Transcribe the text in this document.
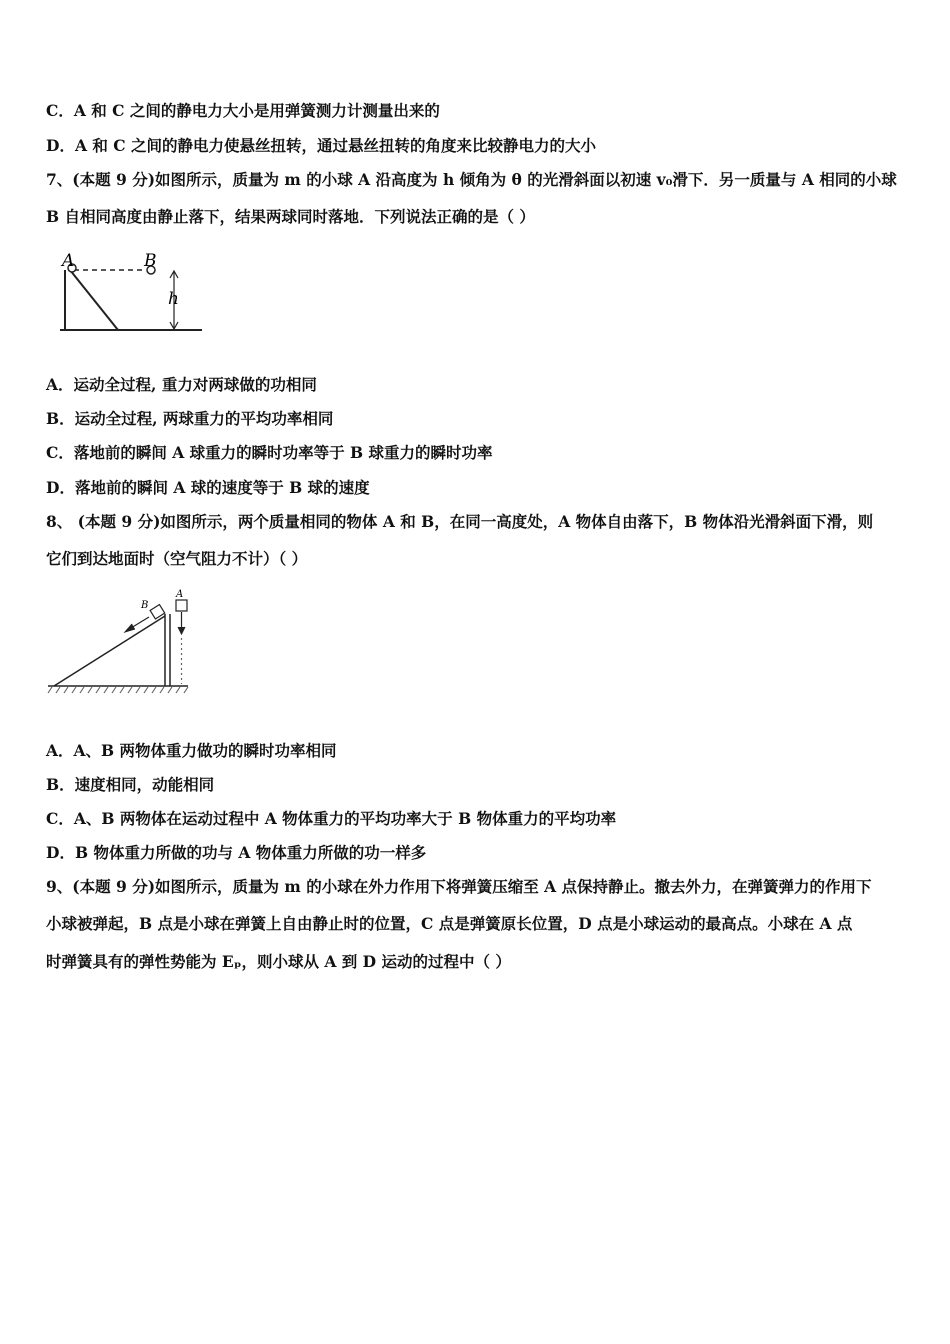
C．A 和 C 之间的静电力大小是用弹簧测力计测量出来的
D．A 和 C 之间的静电力使悬丝扭转，通过悬丝扭转的角度来比较静电力的大小
7、(本题 9 分)如图所示，质量为 m 的小球 A 沿高度为 h 倾角为 θ 的光滑斜面以初速 v₀滑下．另一质量与 A 相同的小球
B 自相同高度由静止落下，结果两球同时落地．下列说法正确的是（ ）
A	B
h
A．运动全过程, 重力对两球做的功相同
B．运动全过程, 两球重力的平均功率相同
C．落地前的瞬间 A 球重力的瞬时功率等于 B 球重力的瞬时功率
D．落地前的瞬间 A 球的速度等于 B 球的速度
8、 (本题 9 分)如图所示，两个质量相同的物体 A 和 B，在同一高度处，A 物体自由落下，B 物体沿光滑斜面下滑，则
它们到达地面时（空气阻力不计）（ ）
A
B
A．A、B 两物体重力做功的瞬时功率相同
B．速度相同，动能相同
C．A、B 两物体在运动过程中 A 物体重力的平均功率大于 B 物体重力的平均功率
D．B 物体重力所做的功与 A 物体重力所做的功一样多
9、(本题 9 分)如图所示，质量为 m 的小球在外力作用下将弹簧压缩至 A 点保持静止。撤去外力，在弹簧弹力的作用下
小球被弹起，B 点是小球在弹簧上自由静止时的位置，C 点是弹簧原长位置，D 点是小球运动的最高点。小球在 A 点
时弹簧具有的弹性势能为 Eₚ，则小球从 A 到 D 运动的过程中（ ）
